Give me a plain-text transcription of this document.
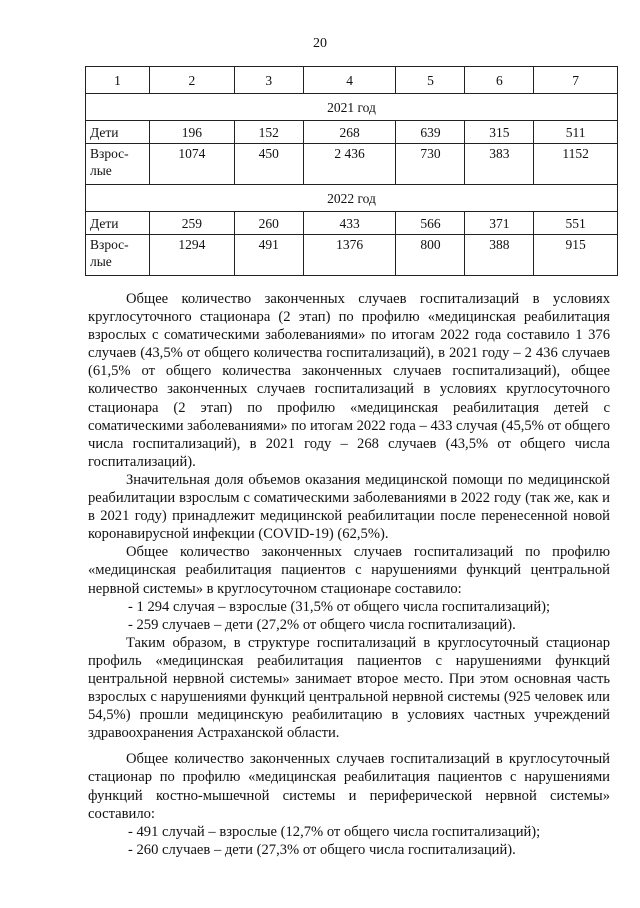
20
1	2	3	4	5	6	7
2021 год						
Дети	196	152	268	639	315	511
Взрос-
лые	1074	450	2 436	730	383	1152
2022 год						
Дети	259	260	433	566	371	551
Взрос-
лые	1294	491	1376	800	388	915

Общее количество законченных случаев госпитализаций в условиях круглосуточного стационара (2 этап) по профилю «медицинская реабилитация взрослых с соматическими заболеваниями» по итогам 2022 года составило 1 376 случаев (43,5% от общего количества госпитализаций), в 2021 году – 2 436 случаев (61,5% от общего количества законченных случаев госпитализаций), общее количество законченных случаев госпитализаций в условиях круглосуточного стационара (2 этап) по профилю «медицинская реабилитация детей с соматическими заболеваниями» по итогам 2022 года – 433 случая (45,5% от общего числа госпитализаций), в 2021 году – 268 случаев (43,5% от общего числа госпитализаций).

Значительная доля объемов оказания медицинской помощи по медицинской реабилитации взрослым с соматическими заболеваниями в 2022 году (так же, как и в 2021 году) принадлежит медицинской реабилитации после перенесенной новой коронавирусной инфекции (COVID-19) (62,5%).

Общее количество законченных случаев госпитализаций по профилю «медицинская реабилитация пациентов с нарушениями функций центральной нервной системы» в круглосуточном стационаре составило:

- 1 294 случая – взрослые (31,5% от общего числа госпитализаций);

- 259 случаев – дети (27,2% от общего числа госпитализаций).

Таким образом, в структуре госпитализаций в круглосуточный стационар профиль «медицинская реабилитация пациентов с нарушениями функций центральной нервной системы» занимает второе место. При этом основная часть взрослых с нарушениями функций центральной нервной системы (925 человек или 54,5%) прошли медицинскую реабилитацию в условиях частных учреждений здравоохранения Астраханской области.

Общее количество законченных случаев госпитализаций в круглосуточный стационар по профилю «медицинская реабилитация пациентов с нарушениями функций костно-мышечной системы и периферической нервной системы» составило:

- 491 случай – взрослые (12,7% от общего числа госпитализаций);

- 260 случаев – дети (27,3% от общего числа госпитализаций).
